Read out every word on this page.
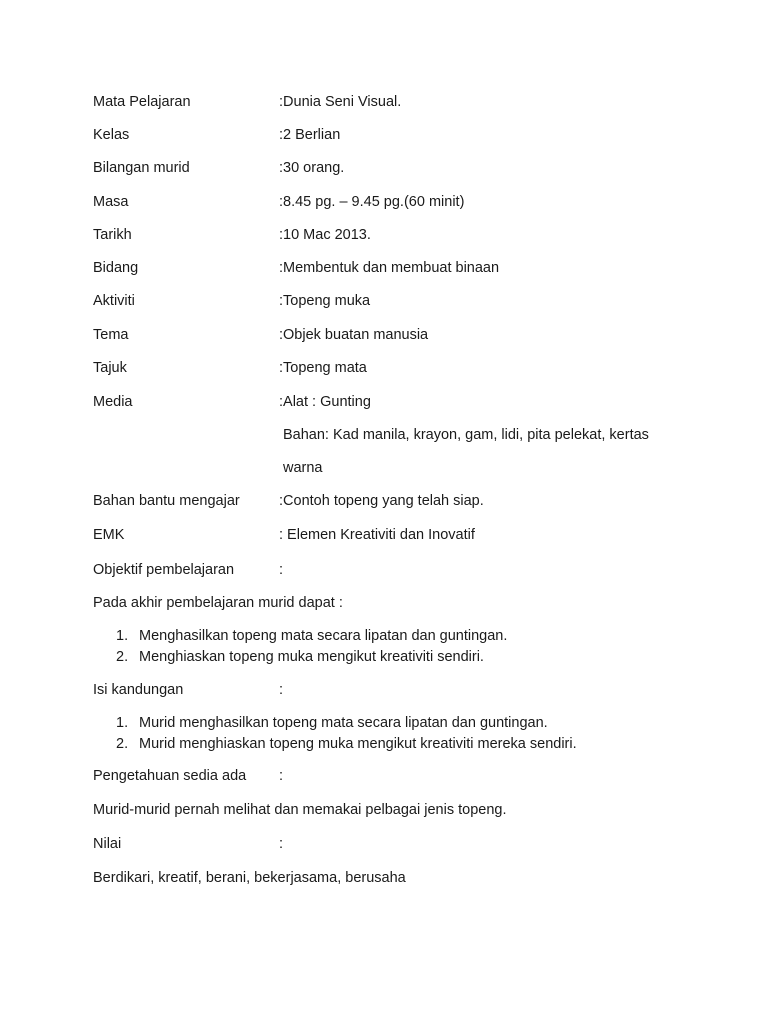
Mata Pelajaran	:Dunia Seni Visual.
Kelas	:2 Berlian
Bilangan murid	:30 orang.
Masa	:8.45 pg. – 9.45 pg.(60 minit)
Tarikh	:10 Mac 2013.
Bidang	:Membentuk dan membuat binaan
Aktiviti	:Topeng muka
Tema	:Objek buatan manusia
Tajuk	:Topeng mata
Media	:Alat : Gunting
Bahan: Kad manila, krayon, gam, lidi, pita pelekat, kertas
warna
Bahan bantu mengajar	:Contoh topeng yang telah siap.
EMK	: Elemen Kreativiti dan Inovatif
Objektif pembelajaran	:
Pada akhir pembelajaran murid dapat :
1. Menghasilkan topeng mata secara lipatan dan guntingan.
2. Menghiaskan topeng muka mengikut kreativiti sendiri.
Isi kandungan	:
1. Murid menghasilkan topeng mata secara lipatan dan guntingan.
2. Murid menghiaskan topeng muka mengikut kreativiti mereka sendiri.
Pengetahuan sedia ada :
Murid-murid pernah melihat dan memakai pelbagai jenis topeng.
Nilai	:
Berdikari, kreatif, berani, bekerjasama, berusaha
